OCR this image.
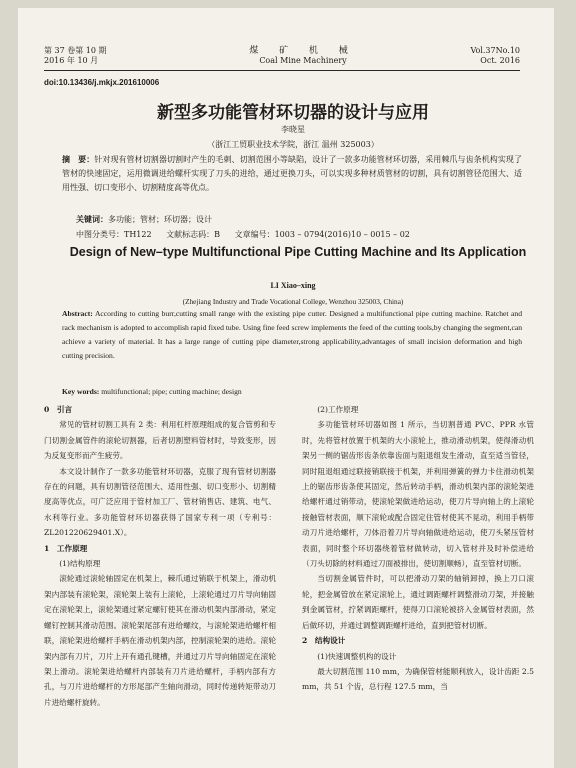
第 37 卷第 10 期
2016 年 10 月
煤 矿 机 械
Coal Mine Machinery
Vol.37No.10
Oct. 2016
doi:10.13436/j.mkjx.201610006
新型多功能管材环切器的设计与应用
李晓星
（浙江工贸职业技术学院，浙江 温州 325003）
摘　要：针对现有管材切割器切割时产生的毛刺、切割范围小等缺陷，设计了一款多功能管材环切器，采用棘爪与齿条机构实现了管材的快速固定，运用微调进给螺杆实现了刀头的进给，通过更换刀头，可以实现多种材质管材的切割，具有切割管径范围大、适用性强、切口变形小、切割精度高等优点。
关键词：多功能；管材；环切器；设计
中图分类号：TH122 文献标志码：B 文章编号：1003 – 0794(2016)10 – 0015 – 02
Design of New–type Multifunctional Pipe Cutting Machine and Its Application
LI Xiao–xing
(Zhejiang Industry and Trade Vocational College, Wenzhou 325003, China)
Abstract: According to cutting burr,cutting small range with the existing pipe cutter. Designed a multifunctional pipe cutting machine. Ratchet and rack mechanism is adopted to accomplish rapid fixed tube. Using fine feed screw implements the feed of the cutting tools,by changing the segment,can achieve a variety of material. It has a large range of cutting pipe diameter,strong applicability,advantages of small incision deformation and high cutting precision.
Key words: multifunctional; pipe; cutting machine; design
0　引言

常见的管材切割工具有 2 类：利用杠杆原理组成的复合管剪和专门切割金属管件的滚轮切割器，后者切割塑料管材时，导致变形，因为反复变形而产生疲劳。

本文设计制作了一款多功能管材环切器，克服了现有管材切割器存在的问题，具有切割管径范围大、适用性强、切口变形小、切割精度高等优点，可广泛应用于管材加工厂、管材销售店、建筑、电气、水利等行业。多功能管材环切器获得了国家专利一项（专利号：ZL201220629401.X）。

1　工作原理
(1)结构原理

滚轮通过滚轮轴固定在机架上，棘爪通过销联于机架上，滑动机架内部装有滚轮架，滚轮架上装有上滚轮，上滚轮通过刀片导向轴固定在滚轮架上，滚轮架通过紧定螺钉使其在滑动机架内部滑动，紧定螺钉控制其滑动范围。滚轮架尾部有进给螺纹，与滚轮架进给螺杆相联，滚轮架进给螺杆手柄在滑动机架内部，控制滚轮架的进给。滚轮架内部有刀片，刀片上开有通孔键槽，并通过刀片导向轴固定在滚轮架上滑动。滚轮架进给螺杆内部装有刀片进给螺杆，手柄内部有方孔，与刀片进给螺杆的方形尾部产生轴向滑动，同时传递转矩带动刀片进给螺杆旋转。

(2)工作原理

多功能管材环切器如图 1 所示，当切割普通 PVC、PPR 水管时，先将管材放置于机架的大小滚轮上，推动滑动机架，使得滑动机架另一侧的锯齿形齿条依靠齿面与阻退组发生滑动，直至适当管径，同时阻退组通过联接销联接于机架，并利用弹簧的弹力卡住滑动机架上的锯齿形齿条使其固定，然后转动手柄，滑动机架内部的滚轮架进给螺杆通过销带动，使滚轮架做进给运动，使刀片导向轴上的上滚轮接触管材表面，顺下滚轮或配合固定住管材使其不晃动，利用手柄带动刀片进给螺杆，刀体沿着刀片导向轴做进给运动，使刀头紧压管材表面，同时整个环切器绕着管材做转动，切入管材并及时补偿进给（刀头切除的材料通过刀面被排出，使切割顺畅），直至管材切断。

当切割金属管件时，可以把滑动刀架的轴销卸掉，换上刀口滚轮，把金属管放在紧定滚轮上，通过调距螺杆调整滑动刀架，并接触到金属管材，拧紧调距螺杆，使得刀口滚轮被挤入金属管材表面，然后做环切，并通过调整调距螺杆进给，直到把管材切断。

2　结构设计
(1)快速调整机构的设计

最大切割范围 110 mm，为确保管材能顺利放入，设计齿距 2.5 mm，共 51 个齿，总行程 127.5 mm，当
